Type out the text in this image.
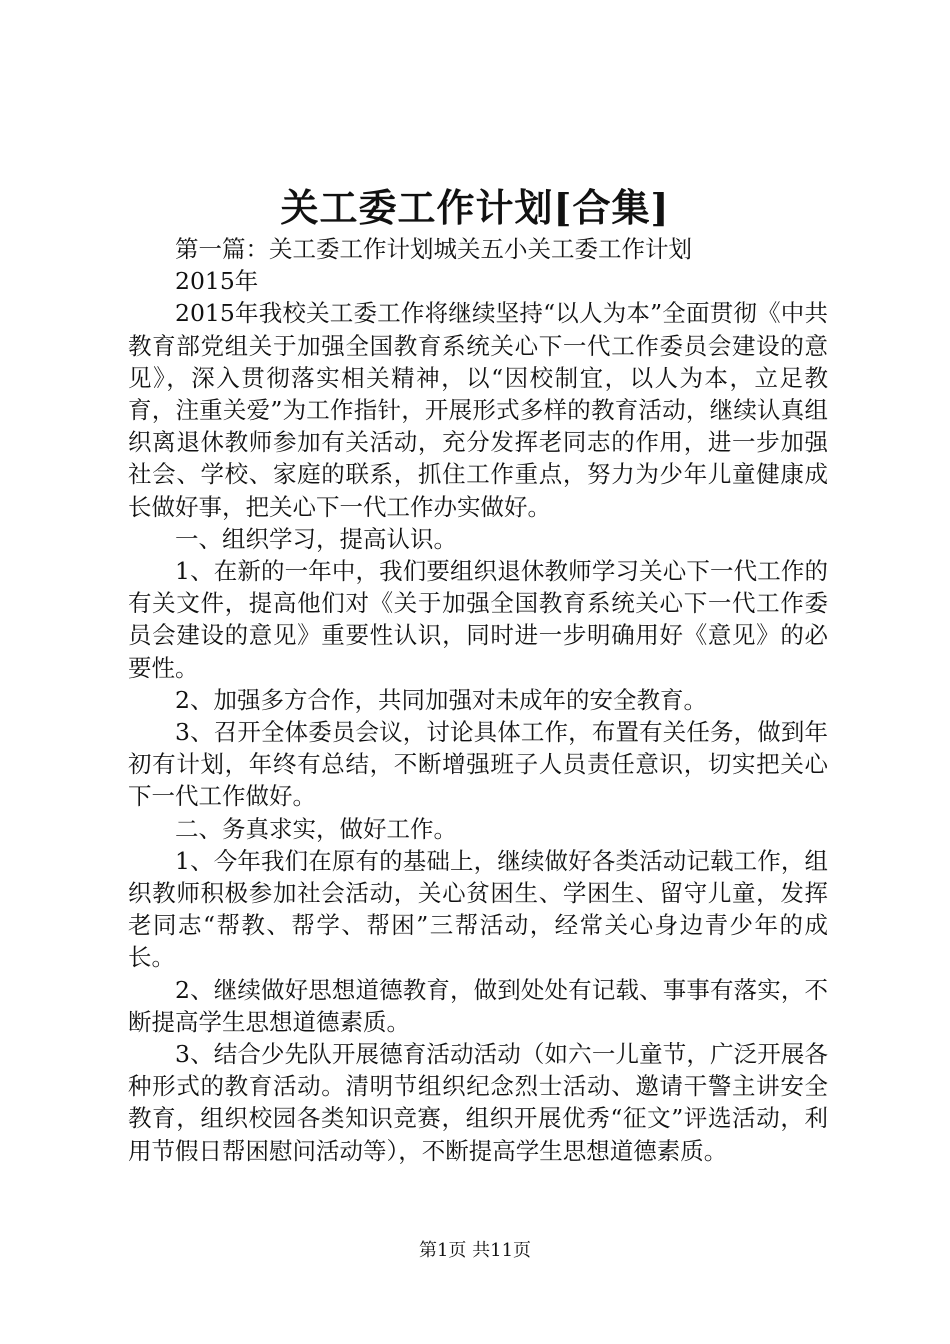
关工委工作计划[合集]

第一篇：关工委工作计划城关五小关工委工作计划

2015年

2015年我校关工委工作将继续坚持“以人为本”全面贯彻《中共教育部党组关于加强全国教育系统关心下一代工作委员会建设的意见》，深入贯彻落实相关精神，以“因校制宜，以人为本，立足教育，注重关爱”为工作指针，开展形式多样的教育活动，继续认真组织离退休教师参加有关活动，充分发挥老同志的作用，进一步加强社会、学校、家庭的联系，抓住工作重点，努力为少年儿童健康成长做好事，把关心下一代工作办实做好。

一、组织学习，提高认识。

1、在新的一年中，我们要组织退休教师学习关心下一代工作的有关文件，提高他们对《关于加强全国教育系统关心下一代工作委员会建设的意见》重要性认识，同时进一步明确用好《意见》的必要性。

2、加强多方合作，共同加强对未成年的安全教育。

3、召开全体委员会议，讨论具体工作，布置有关任务，做到年初有计划，年终有总结，不断增强班子人员责任意识，切实把关心下一代工作做好。

二、务真求实，做好工作。

1、今年我们在原有的基础上，继续做好各类活动记载工作，组织教师积极参加社会活动，关心贫困生、学困生、留守儿童，发挥老同志“帮教、帮学、帮困”三帮活动，经常关心身边青少年的成长。

2、继续做好思想道德教育，做到处处有记载、事事有落实，不断提高学生思想道德素质。

3、结合少先队开展德育活动活动（如六一儿童节，广泛开展各种形式的教育活动。清明节组织纪念烈士活动、邀请干警主讲安全教育，组织校园各类知识竞赛，组织开展优秀“征文”评选活动，利用节假日帮困慰问活动等），不断提高学生思想道德素质。

第1页 共11页
